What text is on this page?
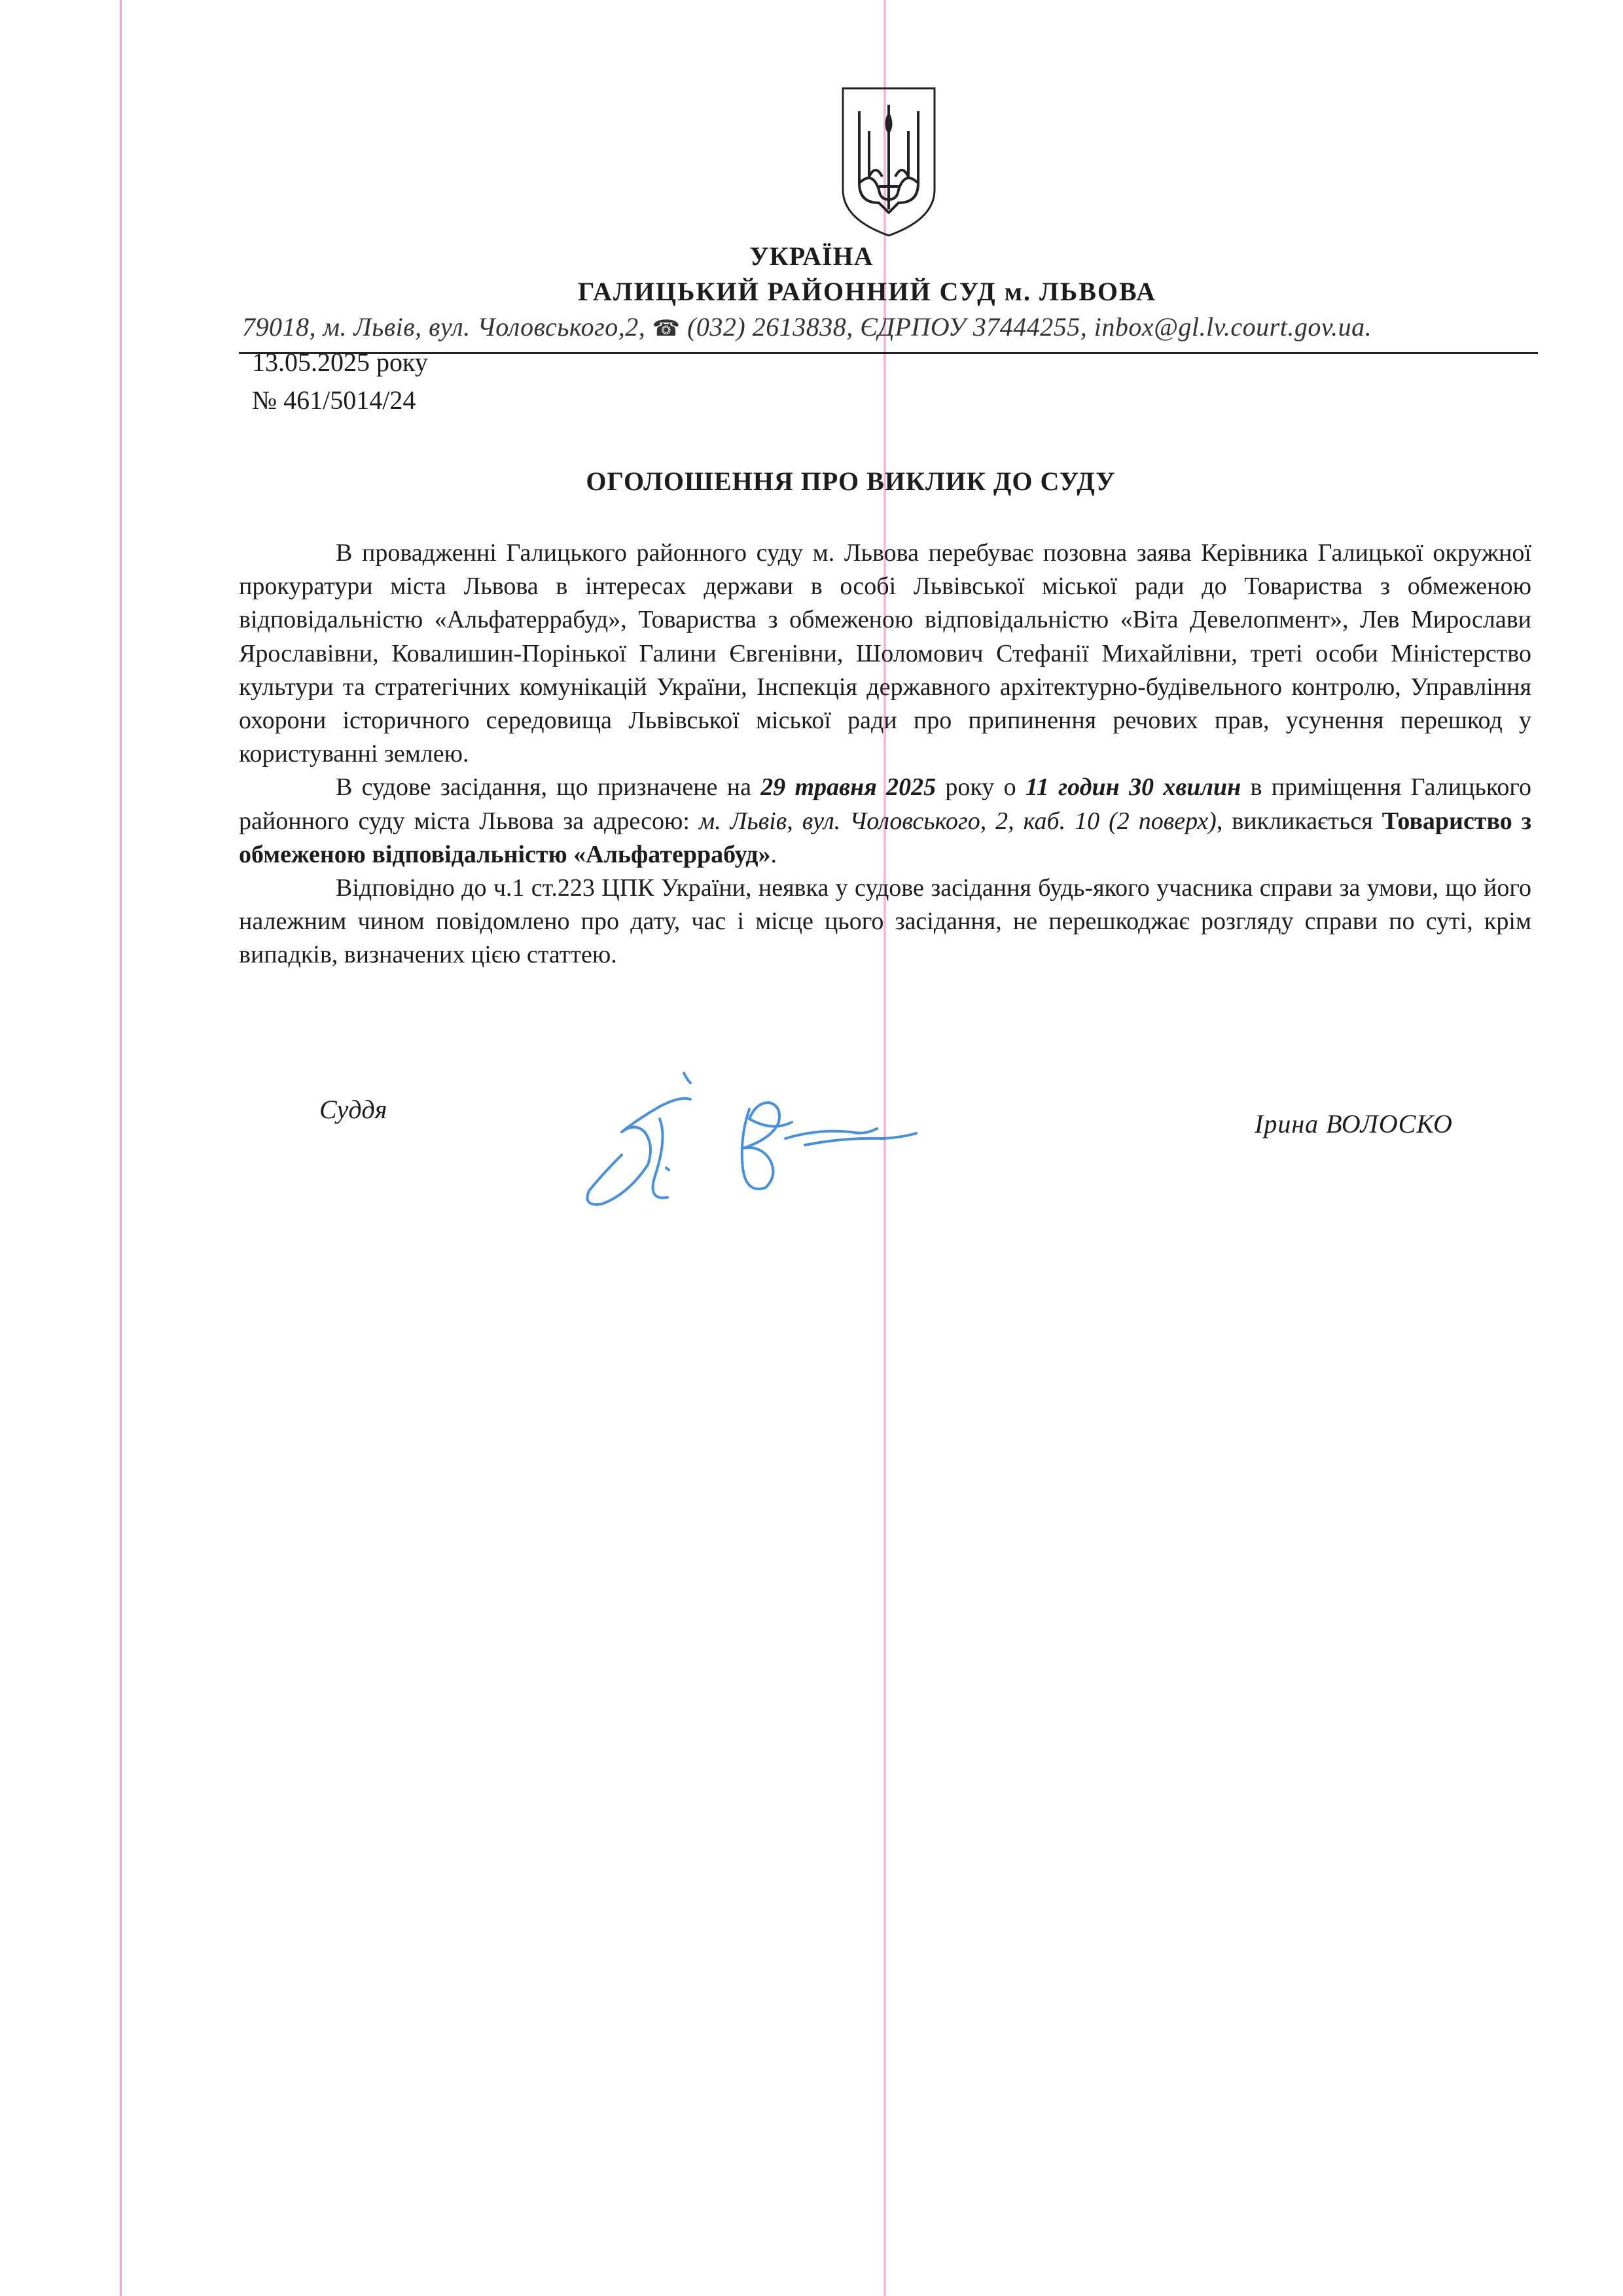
УКРАЇНА
ГАЛИЦЬКИЙ РАЙОННИЙ СУД м. ЛЬВОВА
79018, м. Львів, вул. Чоловського,2, ☎ (032) 2613838, ЄДРПОУ 37444255, inbox@gl.lv.court.gov.ua.
13.05.2025 року
№ 461/5014/24
ОГОЛОШЕННЯ ПРО ВИКЛИК ДО СУДУ

В провадженні Галицького районного суду м. Львова перебуває позовна заява Керівника Галицької окружної прокуратури міста Львова в інтересах держави в особі Львівської міської ради до Товариства з обмеженою відповідальністю «Альфатеррабуд», Товариства з обмеженою відповідальністю «Віта Девелопмент», Лев Мирослави Ярославівни, Ковалишин-Порінької Галини Євгенівни, Шоломович Стефанії Михайлівни, треті особи Міністерство культури та стратегічних комунікацій України, Інспекція державного архітектурно-будівельного контролю, Управління охорони історичного середовища Львівської міської ради про припинення речових прав, усунення перешкод у користуванні землею.

В судове засідання, що призначене на 29 травня 2025 року о 11 годин 30 хвилин в приміщення Галицького районного суду міста Львова за адресою: м. Львів, вул. Чоловського, 2, каб. 10 (2 поверх), викликається Товариство з обмеженою відповідальністю «Альфатеррабуд».

Відповідно до ч.1 ст.223 ЦПК України, неявка у судове засідання будь-якого учасника справи за умови, що його належним чином повідомлено про дату, час і місце цього засідання, не перешкоджає розгляду справи по суті, крім випадків, визначених цією статтею.

Суддя	Ірина ВОЛОСКО
